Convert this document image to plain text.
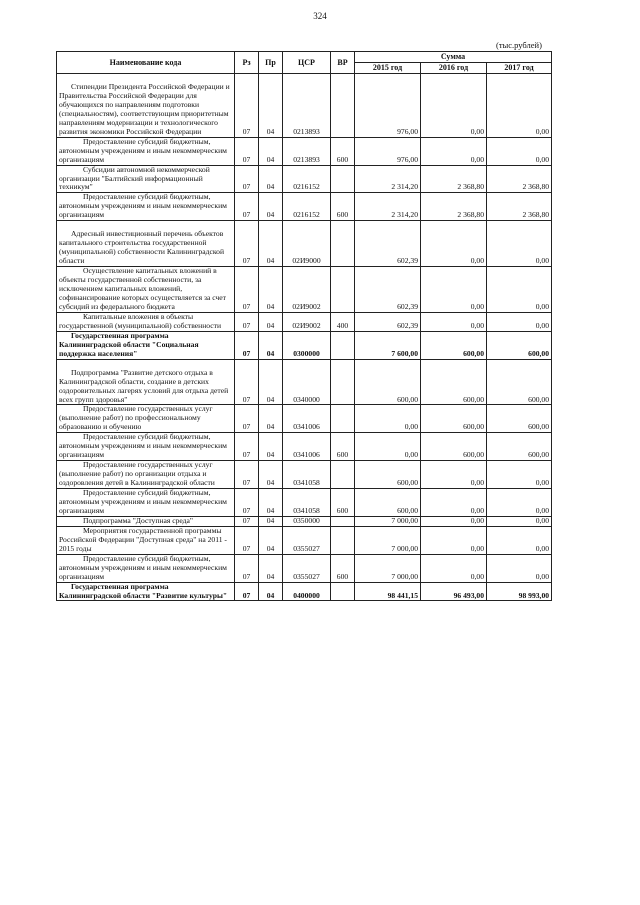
324
(тыс.рублей)
Наименование кода	Рз	Пр	ЦСР	ВР	Сумма		
					2015 год	2016 год	2017 год

Стипендии Президента Российской Федерации и Правительства Российской Федерации для обучающихся по направлениям подготовки (специальностям), соответствующим приоритетным направлениям модернизации и технологического развития экономики Российской Федерации	07	04	0213893		976,00	0,00	0,00

Предоставление субсидий бюджетным, автономным учреждениям и иным некоммерческим организациям	07	04	0213893	600	976,00	0,00	0,00

Субсидии автономной некоммерческой организации "Балтийский информационный техникум"	07	04	0216152		2 314,20	2 368,80	2 368,80

Предоставление субсидий бюджетным, автономным учреждениям и иным некоммерческим организациям	07	04	0216152	600	2 314,20	2 368,80	2 368,80

Адресный инвестиционный перечень объектов капитального строительства государственной (муниципальной) собственности Калининградской области	07	04	02И9000		602,39	0,00	0,00

Осуществление капитальных вложений в объекты государственной собственности, за исключением капитальных вложений, софинансирование которых осуществляется за счет субсидий из федерального бюджета	07	04	02И9002		602,39	0,00	0,00

Капитальные вложения в объекты государственной (муниципальной) собственности	07	04	02И9002	400	602,39	0,00	0,00

Государственная программа Калининградской области "Социальная поддержка населения"	07	04	0300000		7 600,00	600,00	600,00

Подпрограмма "Развитие детского отдыха в Калининградской области, создание в детских оздоровительных лагерях условий для отдыха детей всех групп здоровья"	07	04	0340000		600,00	600,00	600,00

Предоставление государственных услуг (выполнение работ) по профессиональному образованию и обучению	07	04	0341006		0,00	600,00	600,00

Предоставление субсидий бюджетным, автономным учреждениям и иным некоммерческим организациям	07	04	0341006	600	0,00	600,00	600,00

Предоставление государственных услуг (выполнение работ) по организации отдыха и оздоровления детей в Калининградской области	07	04	0341058		600,00	0,00	0,00

Предоставление субсидий бюджетным, автономным учреждениям и иным некоммерческим организациям	07	04	0341058	600	600,00	0,00	0,00

Подпрограмма "Доступная среда"	07	04	0350000		7 000,00	0,00	0,00

Мероприятия государственной программы Российской Федерации "Доступная среда" на 2011 - 2015 годы	07	04	0355027		7 000,00	0,00	0,00

Предоставление субсидий бюджетным, автономным учреждениям и иным некоммерческим организациям	07	04	0355027	600	7 000,00	0,00	0,00

Государственная программа Калининградской области "Развитие культуры"	07	04	0400000		98 441,15	96 493,00	98 993,00
